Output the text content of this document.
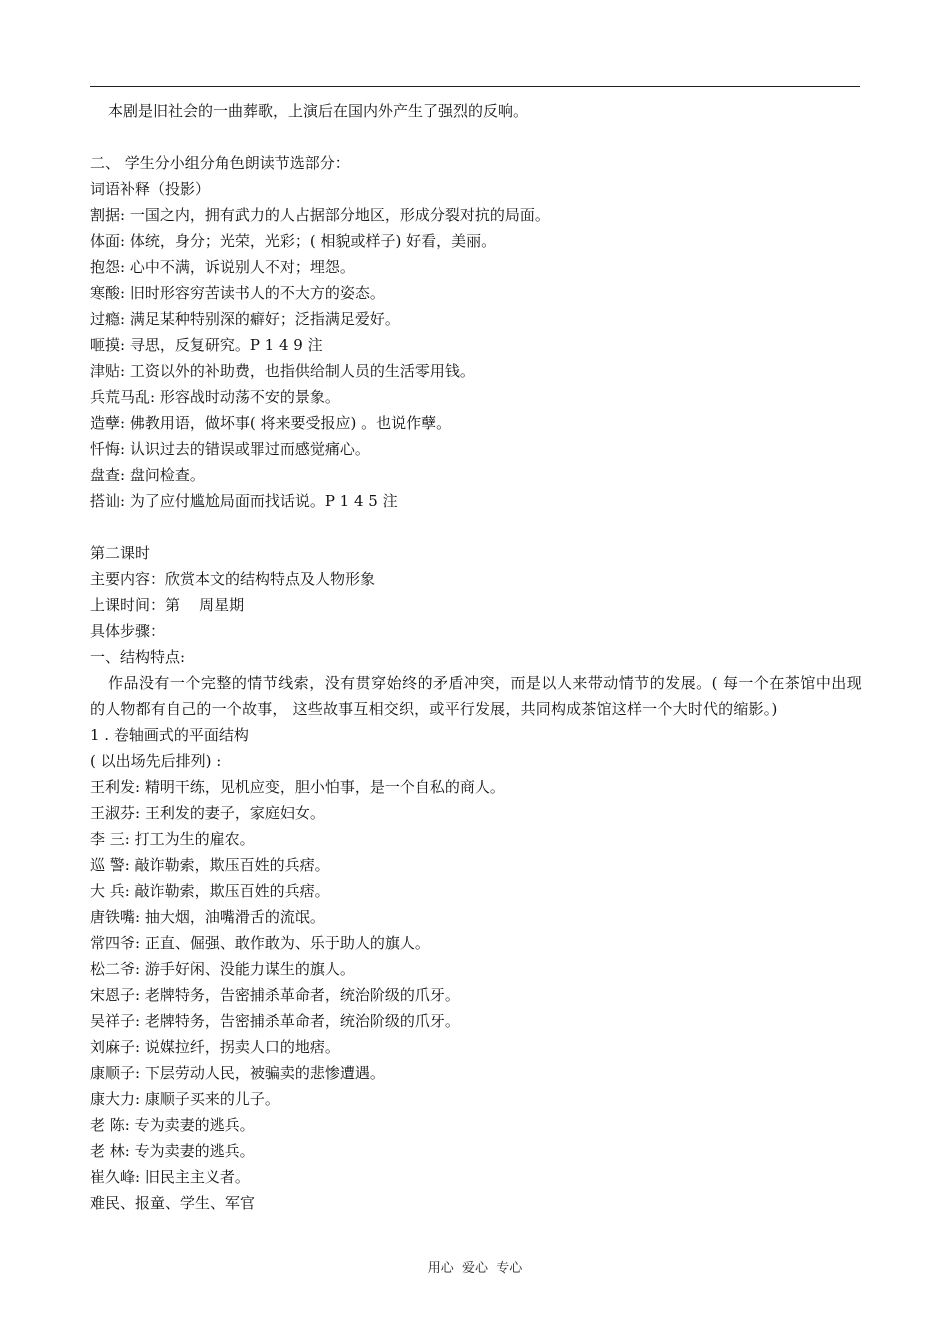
本剧是旧社会的一曲葬歌，上演后在国内外产生了强烈的反响。
二、 学生分小组分角色朗读节选部分：
词语补释（投影）
割据: 一国之内，拥有武力的人占据部分地区，形成分裂对抗的局面。
体面: 体统，身分；光荣，光彩；( 相貌或样子) 好看，美丽。
抱怨: 心中不满，诉说别人不对；埋怨。
寒酸: 旧时形容穷苦读书人的不大方的姿态。
过瘾: 满足某种特别深的癖好；泛指满足爱好。
咂摸: 寻思，反复研究。P 1 4 9 注
津贴: 工资以外的补助费，也指供给制人员的生活零用钱。
兵荒马乱: 形容战时动荡不安的景象。
造孽: 佛教用语，做坏事( 将来要受报应) 。也说作孽。
忏悔: 认识过去的错误或罪过而感觉痛心。
盘查: 盘问检查。
搭讪: 为了应付尴尬局面而找话说。P 1 4 5 注
第二课时
主要内容：欣赏本文的结构特点及人物形象
上课时间：第    周星期
具体步骤：
一、结构特点:
作品没有一个完整的情节线索，没有贯穿始终的矛盾冲突，而是以人来带动情节的发展。( 每一个在茶馆中出现的人物都有自己的一个故事， 这些故事互相交织，或平行发展，共同构成茶馆这样一个大时代的缩影。)
1 . 卷轴画式的平面结构
( 以出场先后排列) :
王利发: 精明干练，见机应变，胆小怕事，是一个自私的商人。
王淑芬: 王利发的妻子，家庭妇女。
李 三: 打工为生的雇农。
巡 警: 敲诈勒索，欺压百姓的兵痞。
大 兵: 敲诈勒索，欺压百姓的兵痞。
唐铁嘴: 抽大烟，油嘴滑舌的流氓。
常四爷: 正直、倔强、敢作敢为、乐于助人的旗人。
松二爷: 游手好闲、没能力谋生的旗人。
宋恩子: 老牌特务，告密捕杀革命者，统治阶级的爪牙。
吴祥子: 老牌特务，告密捕杀革命者，统治阶级的爪牙。
刘麻子: 说媒拉纤，拐卖人口的地痞。
康顺子: 下层劳动人民，被骗卖的悲惨遭遇。
康大力: 康顺子买来的儿子。
老 陈: 专为卖妻的逃兵。
老 林: 专为卖妻的逃兵。
崔久峰: 旧民主主义者。
难民、报童、学生、军官
用心  爱心  专心
